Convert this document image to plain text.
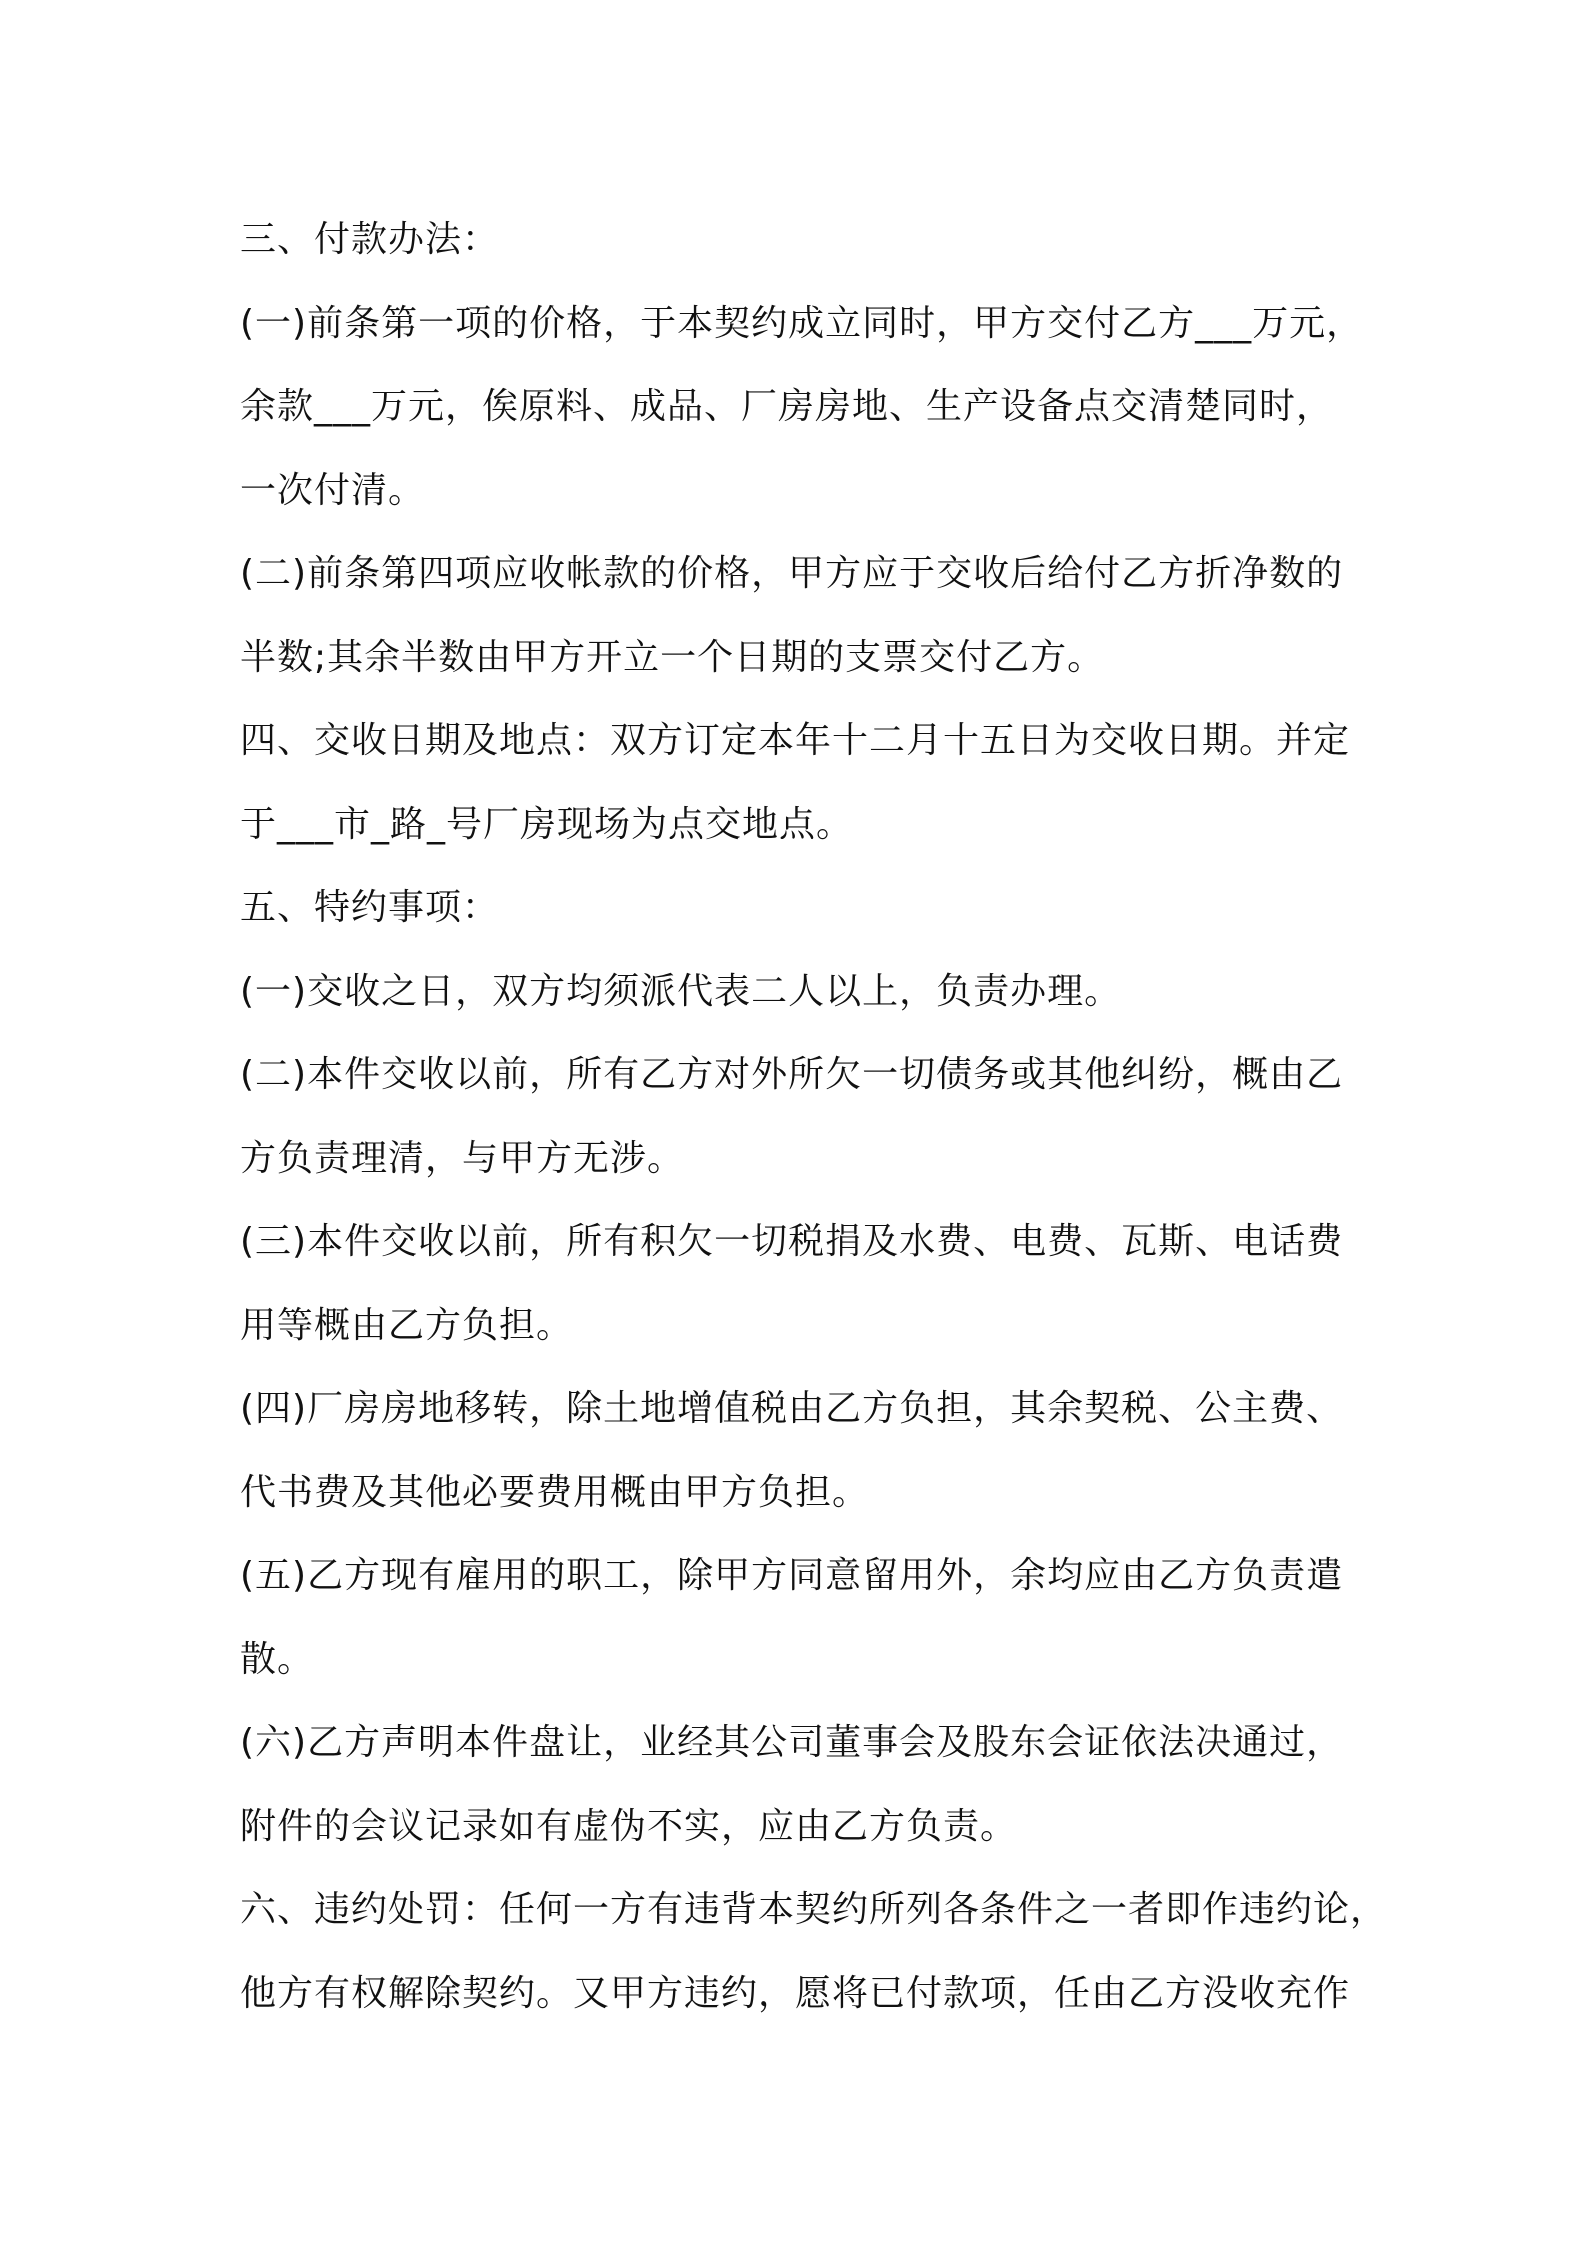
三、付款办法：
(一)前条第一项的价格，于本契约成立同时，甲方交付乙方___万元，
余款___万元，俟原料、成品、厂房房地、生产设备点交清楚同时，
一次付清。
(二)前条第四项应收帐款的价格，甲方应于交收后给付乙方折净数的
半数;其余半数由甲方开立一个日期的支票交付乙方。
四、交收日期及地点：双方订定本年十二月十五日为交收日期。并定
于___市_路_号厂房现场为点交地点。
五、特约事项：
(一)交收之日，双方均须派代表二人以上，负责办理。
(二)本件交收以前，所有乙方对外所欠一切债务或其他纠纷，概由乙
方负责理清，与甲方无涉。
(三)本件交收以前，所有积欠一切税捐及水费、电费、瓦斯、电话费
用等概由乙方负担。
(四)厂房房地移转，除土地增值税由乙方负担，其余契税、公主费、
代书费及其他必要费用概由甲方负担。
(五)乙方现有雇用的职工，除甲方同意留用外，余均应由乙方负责遣
散。
(六)乙方声明本件盘让，业经其公司董事会及股东会证依法决通过，
附件的会议记录如有虚伪不实，应由乙方负责。
六、违约处罚：任何一方有违背本契约所列各条件之一者即作违约论，
他方有权解除契约。又甲方违约，愿将已付款项，任由乙方没收充作
